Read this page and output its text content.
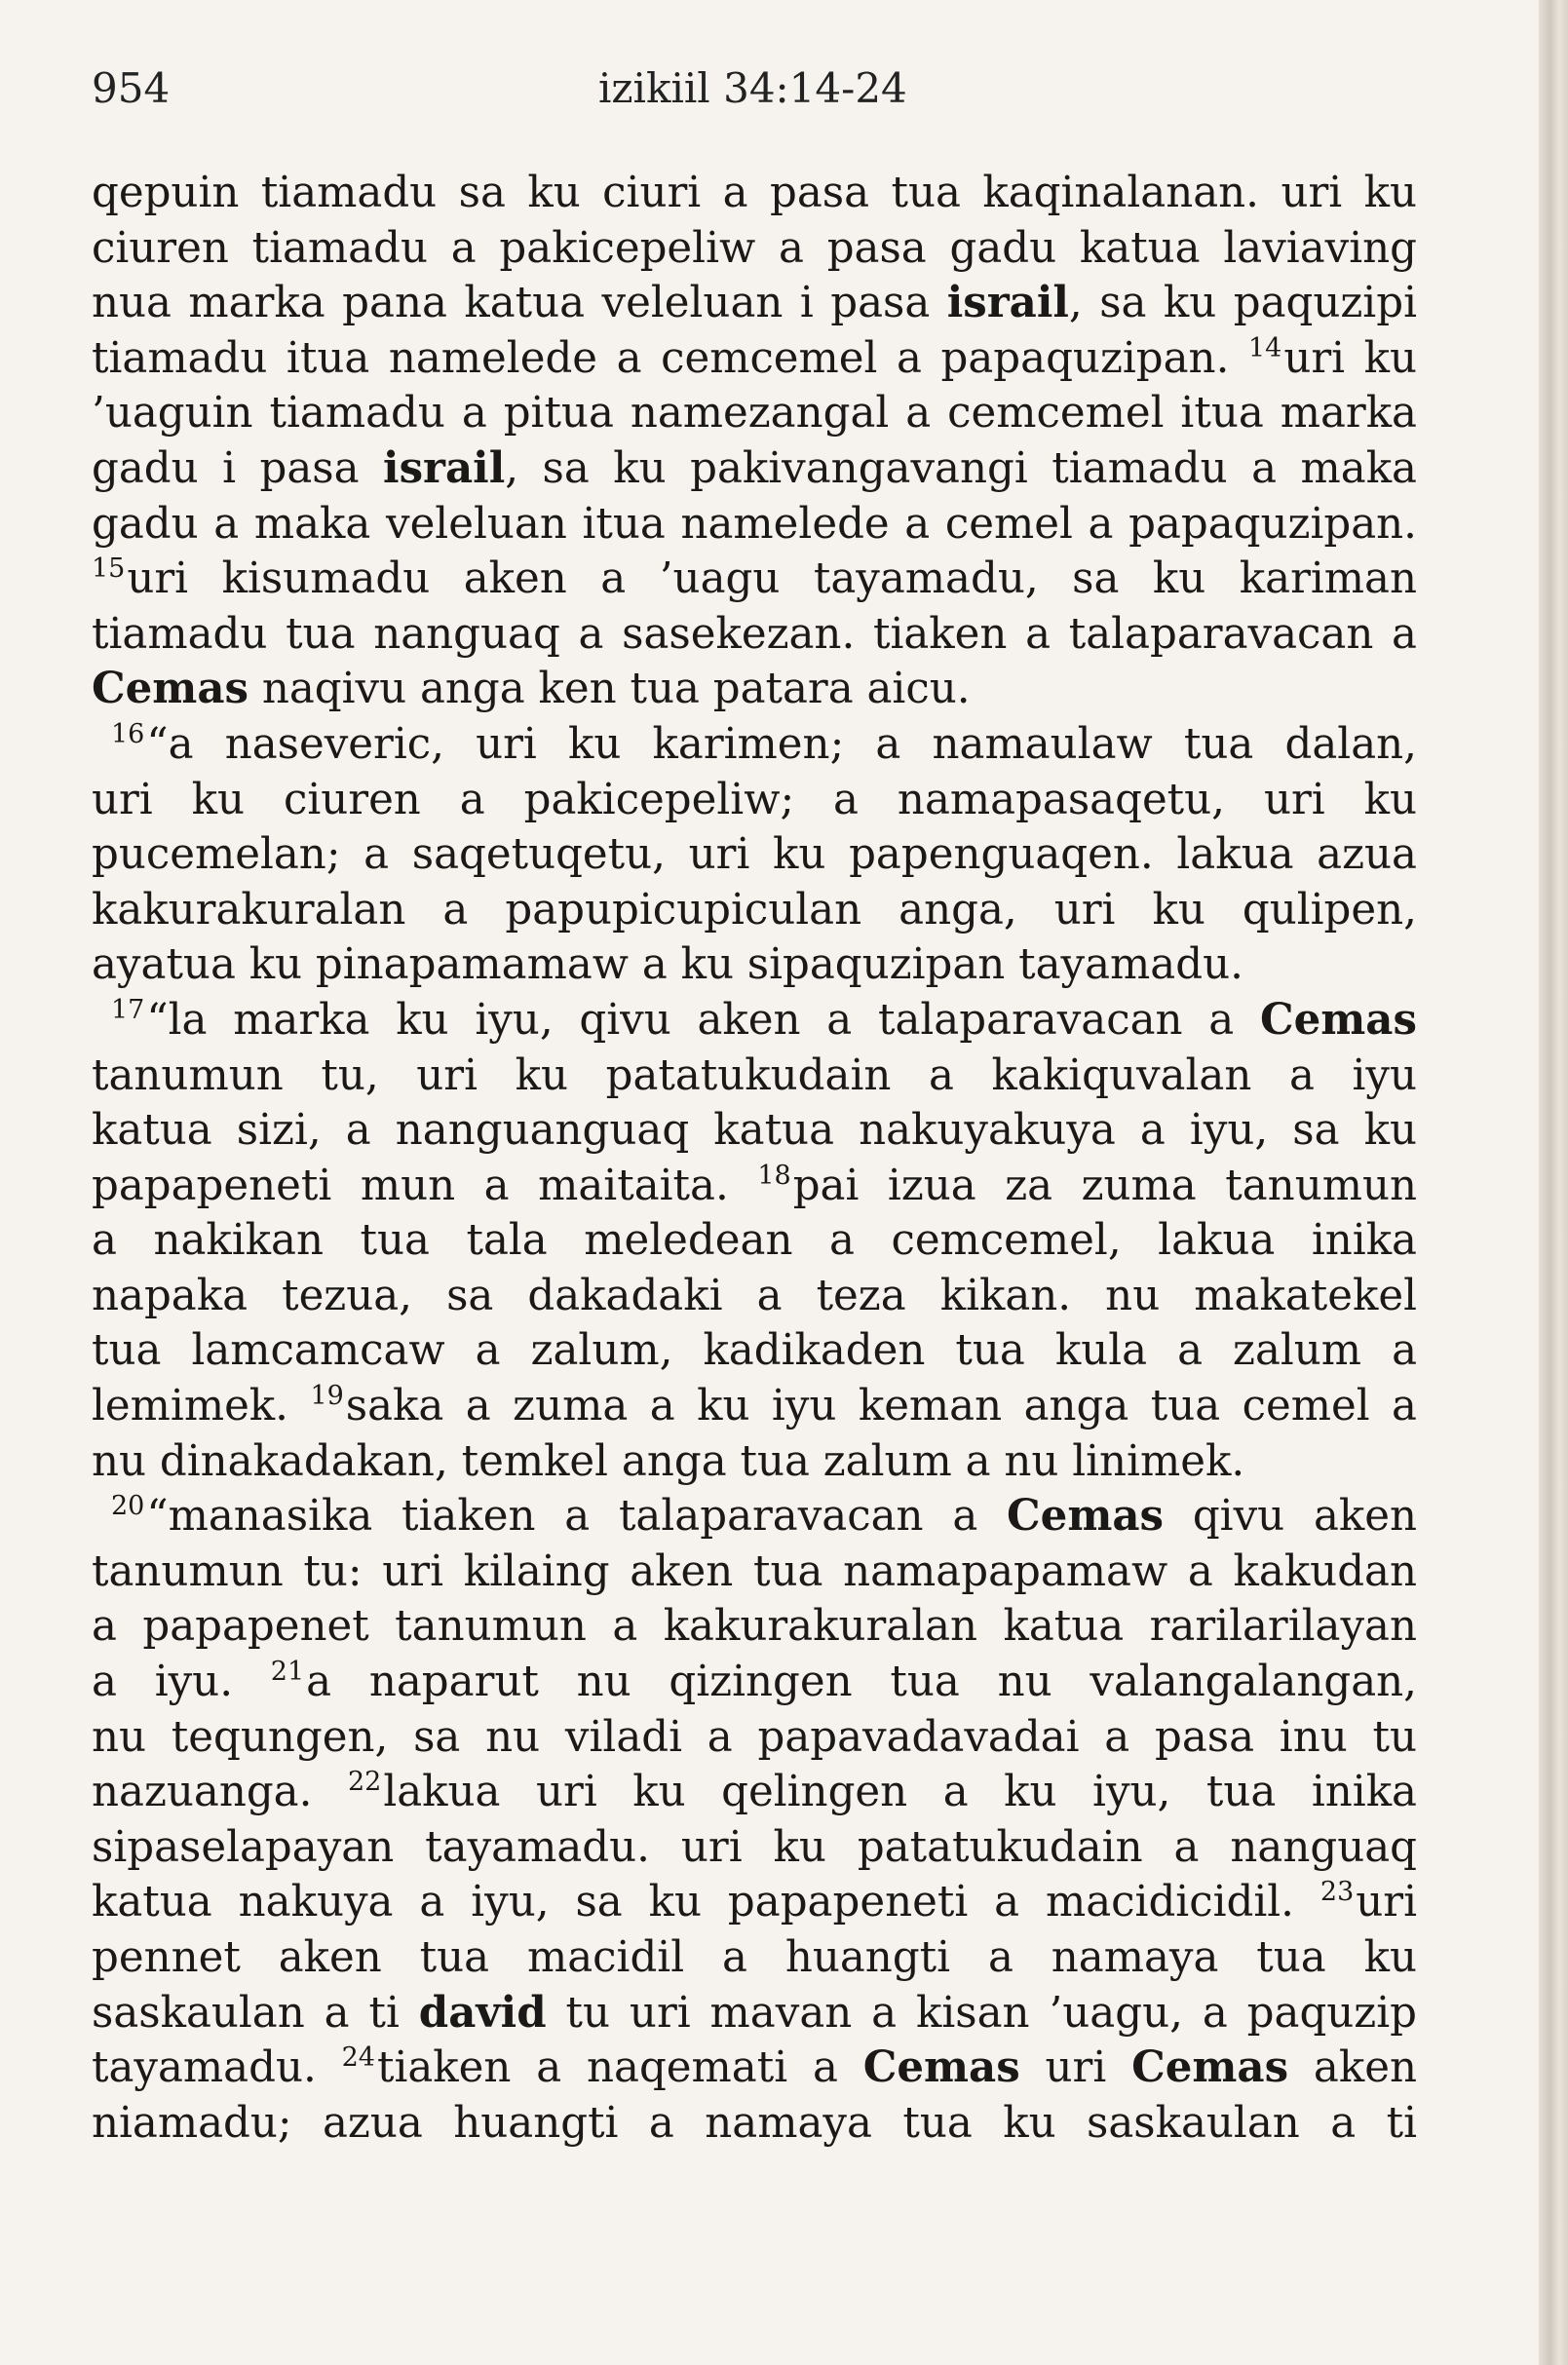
954	izikiil 34:14-24
qepuin tiamadu sa ku ciuri a pasa tua kaqinalanan. uri ku
ciuren tiamadu a pakicepeliw a pasa gadu katua laviaving
nua marka pana katua veleluan i pasa israil, sa ku paquzipi
tiamadu itua namelede a cemcemel a papaquzipan. $^{14}$uri ku
’uaguin tiamadu a pitua namezangal a cemcemel itua marka
gadu i pasa israil, sa ku pakivangavangi tiamadu a maka
gadu a maka veleluan itua namelede a cemel a papaquzipan.
$^{15}$uri kisumadu aken a ’uagu tayamadu, sa ku kariman
tiamadu tua nanguaq a sasekezan. tiaken a talaparavacan a
Cemas naqivu anga ken tua patara aicu.
$^{16}$“a naseveric, uri ku karimen; a namaulaw tua dalan,
uri ku ciuren a pakicepeliw; a namapasaqetu, uri ku
pucemelan; a saqetuqetu, uri ku papenguaqen. lakua azua
kakurakuralan a papupicupiculan anga, uri ku qulipen,
ayatua ku pinapamamaw a ku sipaquzipan tayamadu.
$^{17}$“la marka ku iyu, qivu aken a talaparavacan a Cemas
tanumun tu, uri ku patatukudain a kakiquvalan a iyu
katua sizi, a nanguanguaq katua nakuyakuya a iyu, sa ku
papapeneti mun a maitaita. $^{18}$pai izua za zuma tanumun
a nakikan tua tala meledean a cemcemel, lakua inika
napaka tezua, sa dakadaki a teza kikan. nu makatekel
tua lamcamcaw a zalum, kadikaden tua kula a zalum a
lemimek. $^{19}$saka a zuma a ku iyu keman anga tua cemel a
nu dinakadakan, temkel anga tua zalum a nu linimek.
$^{20}$“manasika tiaken a talaparavacan a Cemas qivu aken
tanumun tu: uri kilaing aken tua namapapamaw a kakudan
a papapenet tanumun a kakurakuralan katua rarilarilayan
a iyu. $^{21}$a naparut nu qizingen tua nu valangalangan,
nu tequngen, sa nu viladi a papavadavadai a pasa inu tu
nazuanga. $^{22}$lakua uri ku qelingen a ku iyu, tua inika
sipaselapayan tayamadu. uri ku patatukudain a nanguaq
katua nakuya a iyu, sa ku papapeneti a macidicidil. $^{23}$uri
pennet aken tua macidil a huangti a namaya tua ku
saskaulan a ti david tu uri mavan a kisan ’uagu, a paquzip
tayamadu. $^{24}$tiaken a naqemati a Cemas uri Cemas aken
niamadu; azua huangti a namaya tua ku saskaulan a ti
